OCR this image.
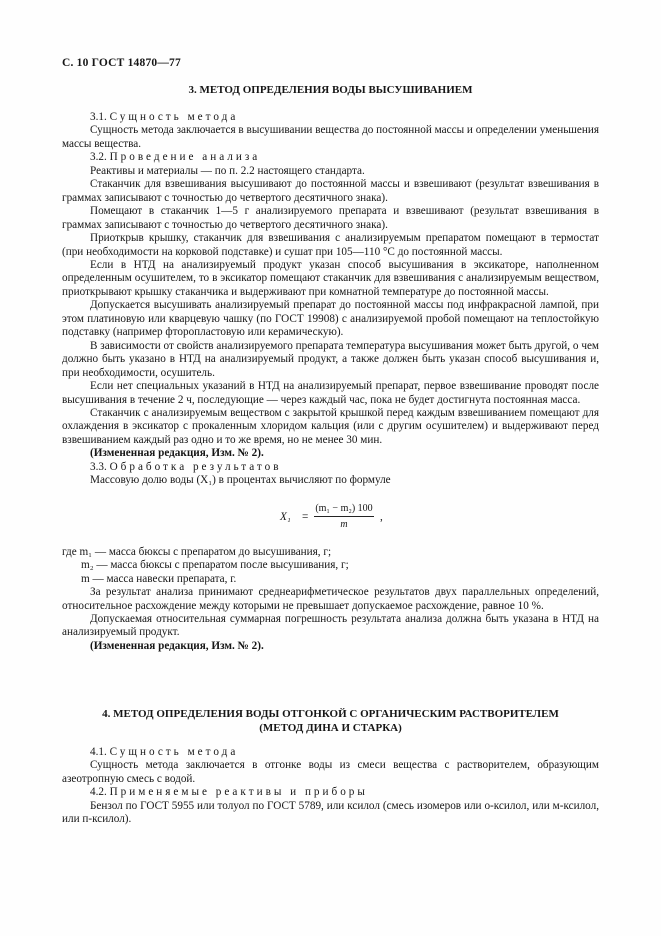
С. 10 ГОСТ 14870—77
3. МЕТОД ОПРЕДЕЛЕНИЯ ВОДЫ ВЫСУШИВАНИЕМ

3.1. Сущность метода

Сущность метода заключается в высушивании вещества до постоянной массы и определении уменьшения массы вещества.

3.2. Проведение анализа

Реактивы и материалы — по п. 2.2 настоящего стандарта.

Стаканчик для взвешивания высушивают до постоянной массы и взвешивают (результат взвешивания в граммах записывают с точностью до четвертого десятичного знака).

Помещают в стаканчик 1—5 г анализируемого препарата и взвешивают (результат взвешивания в граммах записывают с точностью до четвертого десятичного знака).

Приоткрыв крышку, стаканчик для взвешивания с анализируемым препаратом помещают в термостат (при необходимости на корковой подставке) и сушат при 105—110 °С до постоянной массы.

Если в НТД на анализируемый продукт указан способ высушивания в эксикаторе, наполненном определенным осушителем, то в эксикатор помещают стаканчик для взвешивания с анализируемым веществом, приоткрывают крышку стаканчика и выдерживают при комнатной температуре до постоянной массы.

Допускается высушивать анализируемый препарат до постоянной массы под инфракрасной лампой, при этом платиновую или кварцевую чашку (по ГОСТ 19908) с анализируемой пробой помещают на теплостойкую подставку (например фторопластовую или керамическую).

В зависимости от свойств анализируемого препарата температура высушивания может быть другой, о чем должно быть указано в НТД на анализируемый продукт, а также должен быть указан способ высушивания и, при необходимости, осушитель.

Если нет специальных указаний в НТД на анализируемый препарат, первое взвешивание проводят после высушивания в течение 2 ч, последующие — через каждый час, пока не будет достигнута постоянная масса.

Стаканчик с анализируемым веществом с закрытой крышкой перед каждым взвешиванием помещают для охлаждения в эксикатор с прокаленным хлоридом кальция (или с другим осушителем) и выдерживают перед взвешиванием каждый раз одно и то же время, но не менее 30 мин.

(Измененная редакция, Изм. № 2).

3.3. Обработка результатов

Массовую долю воды (X₁) в процентах вычисляют по формуле

X₁ =
(m₁ − m₂) 100
m
,
где m₁ — масса бюксы с препаратом до высушивания, г;
m₂ — масса бюксы с препаратом после высушивания, г;
m — масса навески препарата, г.

За результат анализа принимают среднеарифметическое результатов двух параллельных определений, относительное расхождение между которыми не превышает допускаемое расхождение, равное 10 %.

Допускаемая относительная суммарная погрешность результата анализа должна быть указана в НТД на анализируемый продукт.

(Измененная редакция, Изм. № 2).

4. МЕТОД ОПРЕДЕЛЕНИЯ ВОДЫ ОТГОНКОЙ С ОРГАНИЧЕСКИМ РАСТВОРИТЕЛЕМ
(МЕТОД ДИНА И СТАРКА)

4.1. Сущность метода

Сущность метода заключается в отгонке воды из смеси вещества с растворителем, образующим азеотропную смесь с водой.

4.2. Применяемые реактивы и приборы

Бензол по ГОСТ 5955 или толуол по ГОСТ 5789, или ксилол (смесь изомеров или о-ксилол, или м-ксилол, или п-ксилол).
